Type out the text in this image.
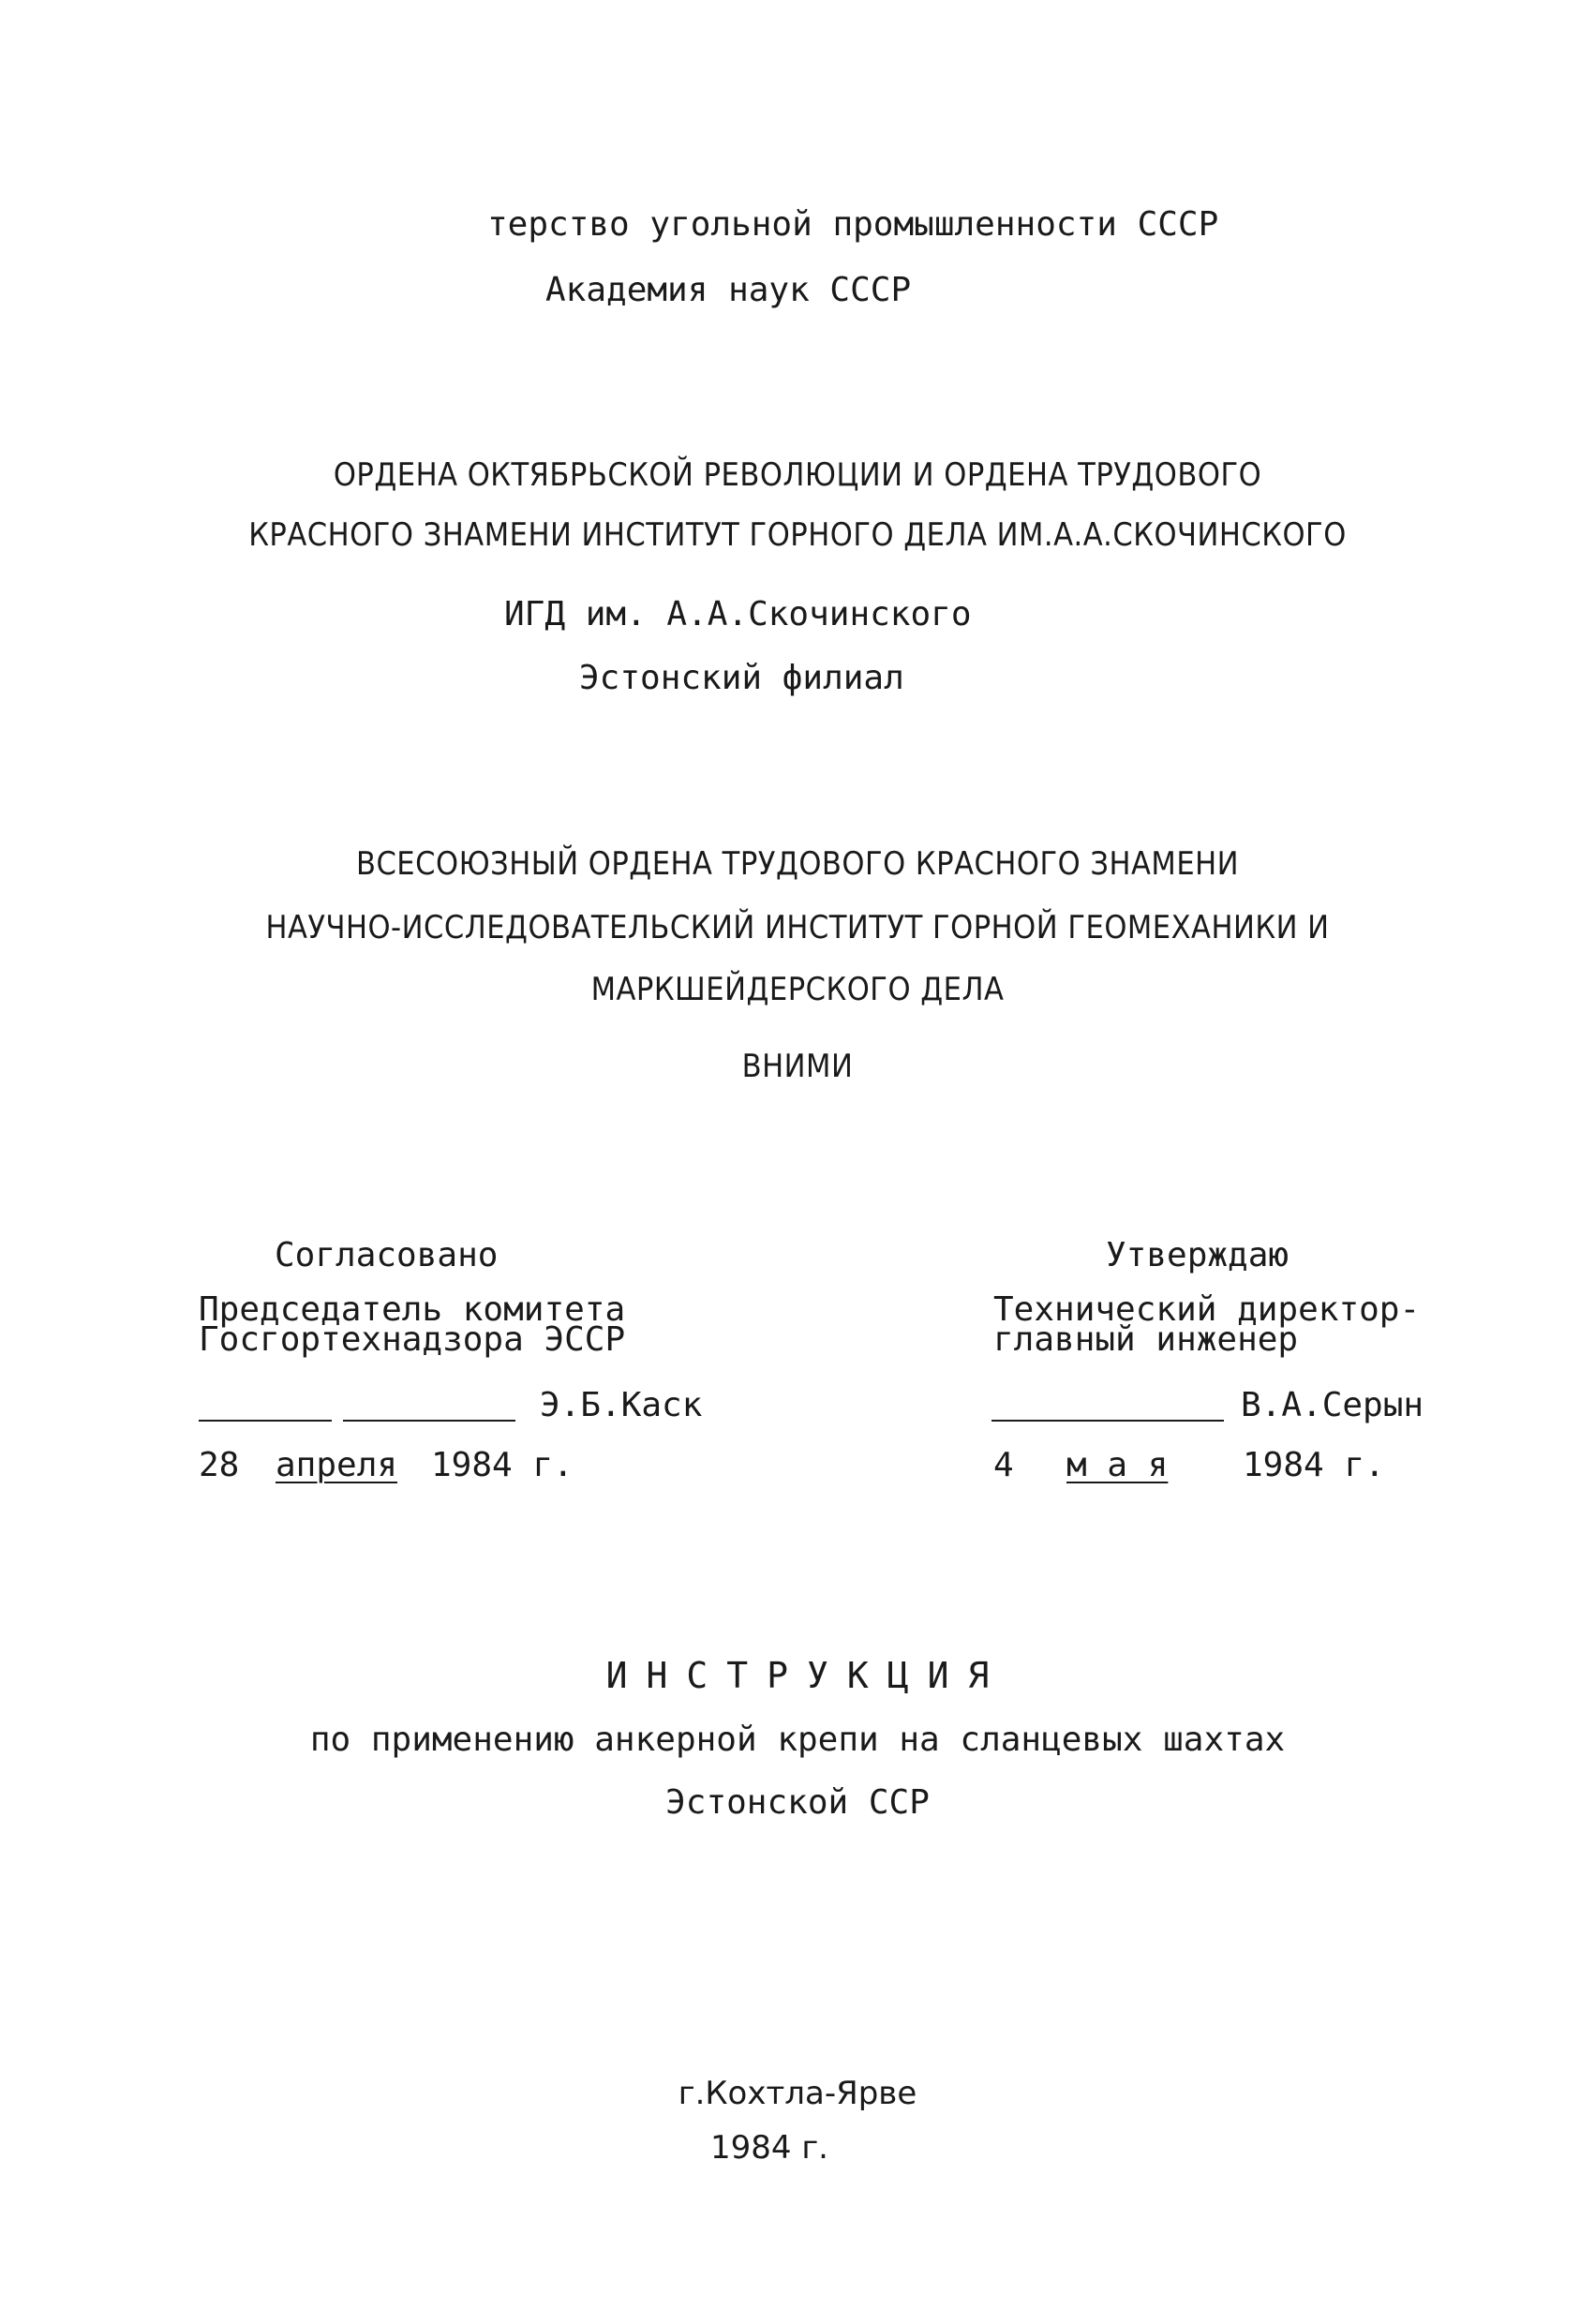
терство угольной промышленности СССР
Академия наук СССР
ОРДЕНА ОКТЯБРЬСКОЙ РЕВОЛЮЦИИ И ОРДЕНА ТРУДОВОГО
КРАСНОГО ЗНАМЕНИ ИНСТИТУТ ГОРНОГО ДЕЛА ИМ.А.А.СКОЧИНСКОГО
ИГД им. А.А.Скочинского
Эстонский филиал
ВСЕСОЮЗНЫЙ ОРДЕНА ТРУДОВОГО КРАСНОГО ЗНАМЕНИ
НАУЧНО-ИССЛЕДОВАТЕЛЬСКИЙ ИНСТИТУТ ГОРНОЙ ГЕОМЕХАНИКИ И
МАРКШЕЙДЕРСКОГО ДЕЛА
ВНИМИ
Согласовано
Председатель комитета
Госгортехнадзора ЭССР
Э.Б.Каск
28 апреля 1984 г.
Утверждаю
Технический директор-
главный инженер
В.А.Серын
4 м а я 1984 г.
ИНСТРУКЦИЯ
по применению анкерной крепи на сланцевых шахтах
Эстонской ССР
г.Кохтла-Ярве
1984 г.
